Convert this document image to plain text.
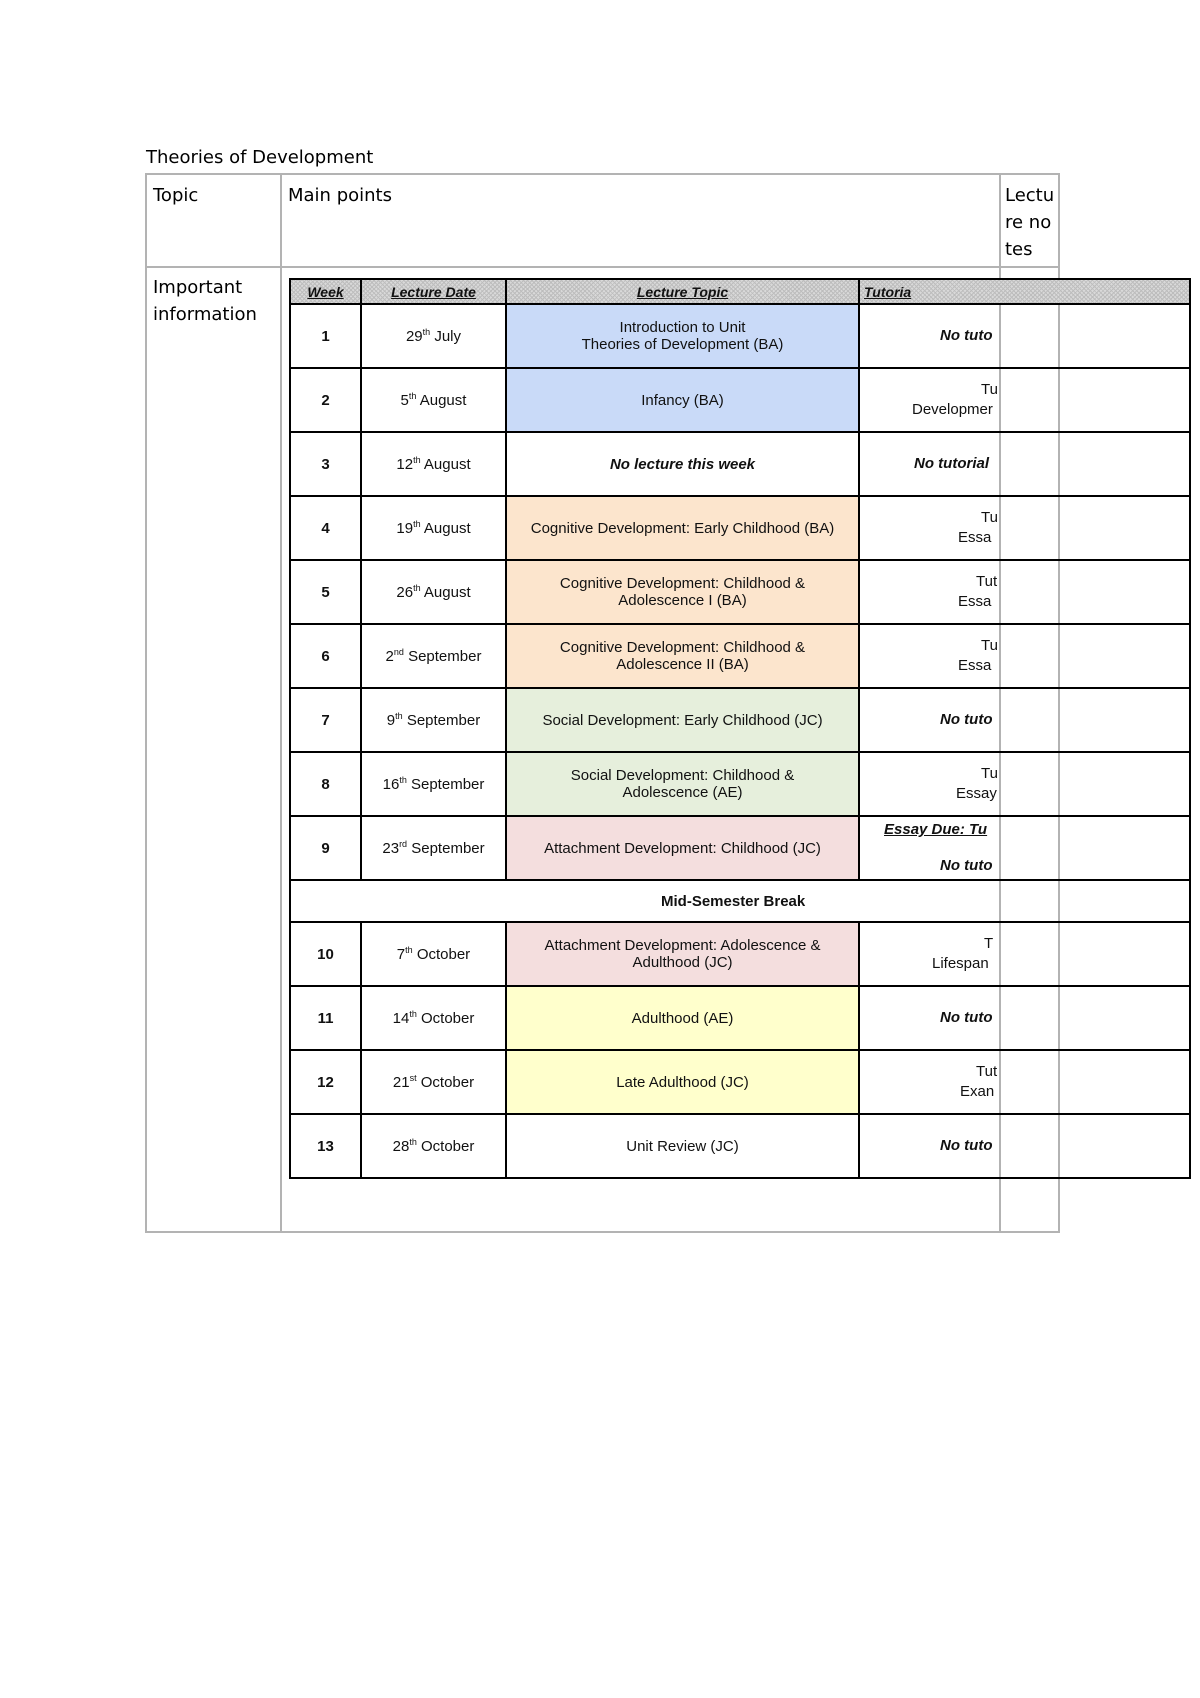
Theories of Development
Topic	Main points	Lectu re notes
Important information
Week	Lecture Date	Lecture Topic	Tutoria
1	29th July	Introduction to Unit
Theories of Development (BA)	No tuto

2	5th August	Infancy (BA)	Tu
Developmer

3	12th August	No lecture this week	No tutorial

4	19th August	Cognitive Development: Early Childhood (BA)	Tu
Essa

5	26th August	Cognitive Development: Childhood &
Adolescence I (BA)	Tut
Essa

6	2nd September	Cognitive Development: Childhood &
Adolescence II (BA)	Tu
Essa

7	9th September	Social Development: Early Childhood (JC)	No tuto

8	16th September	Social Development: Childhood &
Adolescence (AE)	Tu
Essay

9	23rd September	Attachment Development: Childhood (JC)	Essay Due: Tu
No tuto

Mid-Semester Break			
10	7th October	Attachment Development: Adolescence &
Adulthood (JC)	T
Lifespan

11	14th October	Adulthood (AE)	No tuto

12	21st October	Late Adulthood (JC)	Tut
Exan

13	28th October	Unit Review (JC)	No tuto
